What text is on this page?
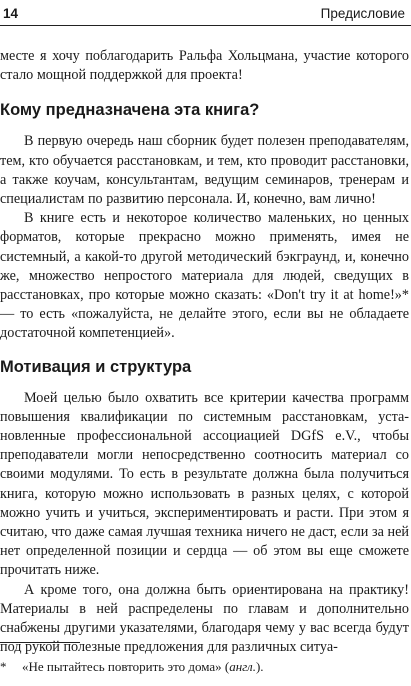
14	Предисловие

месте я хочу поблагодарить Ральфа Хольцмана, участие которого стало мощной поддержкой для проекта!

Кому предназначена эта книга?

В первую очередь наш сборник будет полезен преподавателям, тем, кто обучается расстановкам, и тем, кто проводит расстановки, а также коучам, консультантам, ведущим семинаров, тренерам и специалистам по развитию персонала. И, конечно, вам лично!

В книге есть и некоторое количество маленьких, но ценных форматов, которые прекрасно можно применять, имея не системный, а какой-то другой методический бэкграунд, и, конечно же, множество непростого материала для людей, сведущих в расстановках, про которые можно сказать: «Don't try it at home!»* — то есть «пожалуйста, не делайте этого, если вы не обладаете достаточной компетенцией».

Мотивация и структура

Моей целью было охватить все критерии качества программ повышения квалификации по системным расстановкам, установленные профессиональной ассоциацией DGfS e.V., чтобы преподаватели могли непосредственно соотносить материал со своими модулями. То есть в результате должна была получиться книга, которую можно использовать в разных целях, с которой можно учить и учиться, экспериментировать и расти. При этом я считаю, что даже самая лучшая техника ничего не даст, если за ней нет определенной позиции и сердца — об этом вы еще сможете прочитать ниже.

А кроме того, она должна быть ориентирована на практику! Материалы в ней распределены по главам и дополнительно снабжены другими указателями, благодаря чему у вас всегда будут под рукой полезные предложения для различных ситуа-

* «Не пытайтесь повторить это дома» (англ.).
